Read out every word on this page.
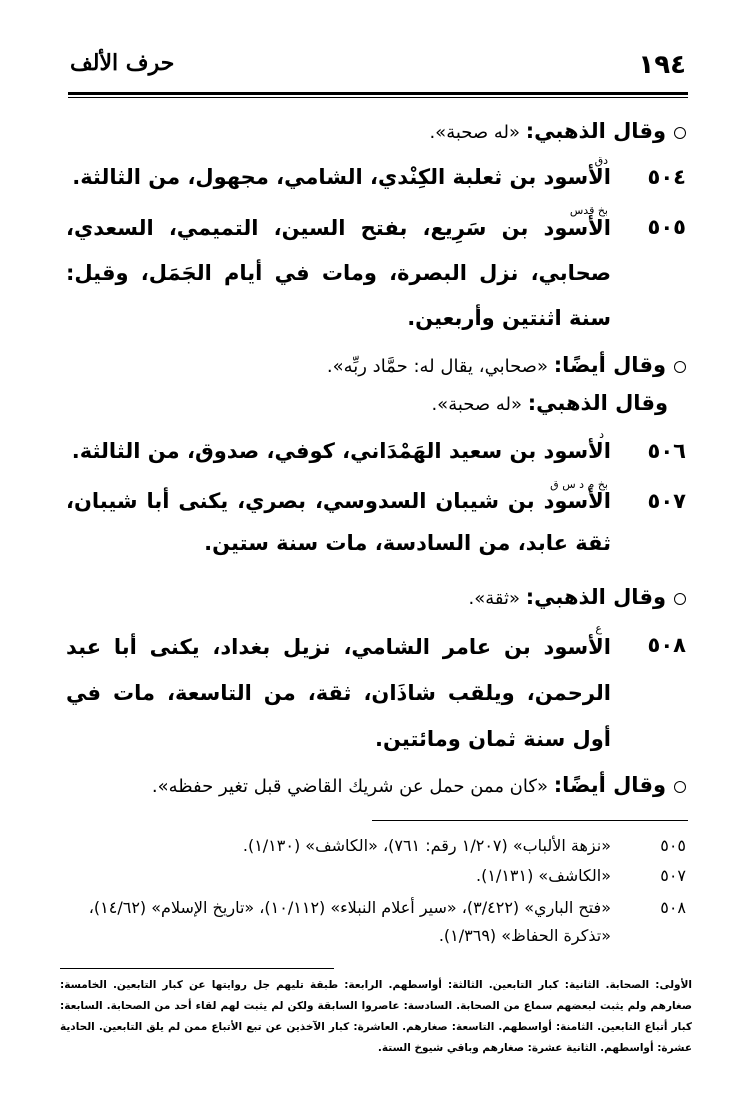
١٩٤
حرف الألف
وقال الذهبي: «له صحبة».
٥٠٤
دق
الأسود بن ثعلبة الكِنْدي، الشامي، مجهول، من الثالثة.
٥٠٥
بخ قدس
الأسود بن سَرِيع، بفتح السين، التميمي، السعدي، صحابي، نزل البصرة، ومات في أيام الجَمَل، وقيل: سنة اثنتين وأربعين.
وقال أيضًا: «صحابي، يقال له: حمَّاد ربِّه».
وقال الذهبي: «له صحبة».
٥٠٦
د
الأسود بن سعيد الهَمْدَاني، كوفي، صدوق، من الثالثة.
٥٠٧
بخ م د س ق
الأسود بن شيبان السدوسي، بصري، يكنى أبا شيبان، ثقة عابد، من السادسة، مات سنة ستين.
وقال الذهبي: «ثقة».
٥٠٨
ع
الأسود بن عامر الشامي، نزيل بغداد، يكنى أبا عبد الرحمن، ويلقب شاذَان، ثقة، من التاسعة، مات في أول سنة ثمان ومائتين.
وقال أيضًا: «كان ممن حمل عن شريك القاضي قبل تغير حفظه».
٥٠٥
«نزهة الألباب» (١/٢٠٧ رقم: ٧٦١)، «الكاشف» (١/١٣٠).
٥٠٧
«الكاشف» (١/١٣١).
٥٠٨
«فتح الباري» (٣/٤٢٢)، «سير أعلام النبلاء» (١٠/١١٢)، «تاريخ الإسلام» (١٤/٦٢)، «تذكرة الحفاظ» (١/٣٦٩).
الأولى: الصحابة. الثانية: كبار التابعين. الثالثة: أواسطهم. الرابعة: طبقة تليهم جل روايتها عن كبار التابعين. الخامسة: صغارهم ولم يثبت لبعضهم سماع من الصحابة. السادسة: عاصروا السابقة ولكن لم يثبت لهم لقاء أحد من الصحابة. السابعة: كبار أتباع التابعين. الثامنة: أواسطهم. التاسعة: صغارهم. العاشرة: كبار الآخذين عن تبع الأتباع ممن لم يلق التابعين. الحادية عشرة: أواسطهم. الثانية عشرة: صغارهم وباقي شيوخ الستة.
